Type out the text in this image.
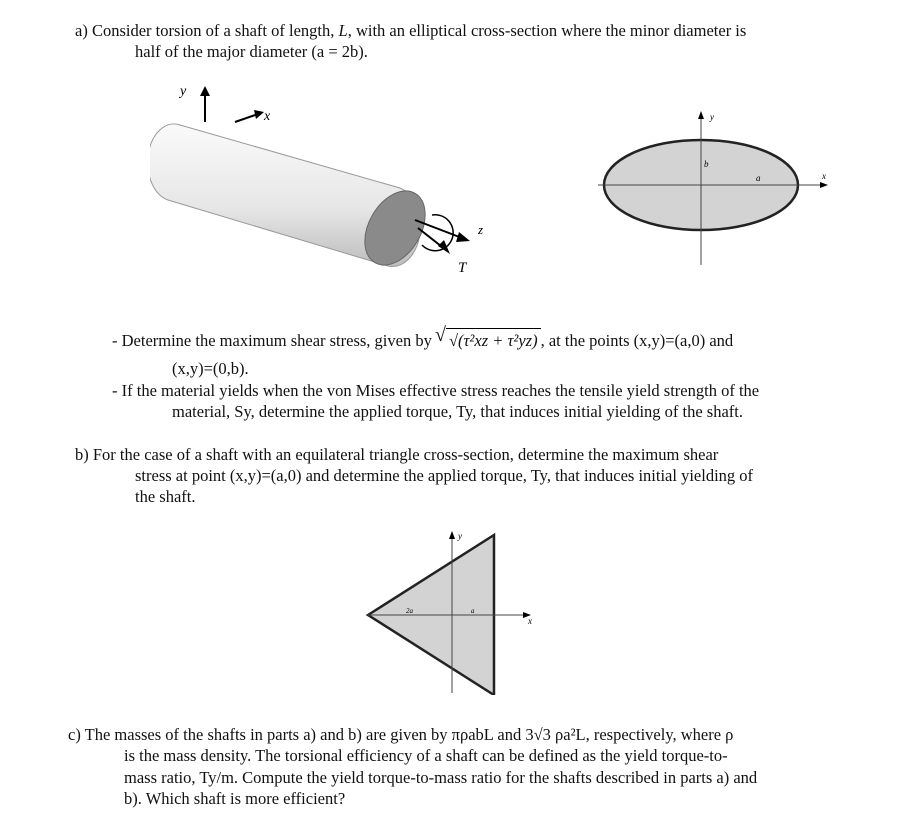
a) Consider torsion of a shaft of length, L, with an elliptical cross-section where the minor diameter is
half of the major diameter (a = 2b).
y
x
z
T
y
x
b
a
- Determine the maximum shear stress, given by √ √(τ²xz + τ²yz) , at the points (x,y)=(a,0) and
(x,y)=(0,b).
- If the material yields when the von Mises effective stress reaches the tensile yield strength of the
material, Sy, determine the applied torque, Ty, that induces initial yielding of the shaft.
b) For the case of a shaft with an equilateral triangle cross-section, determine the maximum shear
stress at point (x,y)=(a,0) and determine the applied torque, Ty, that induces initial yielding of
the shaft.
y
x
2a	a
c) The masses of the shafts in parts a) and b) are given by πρabL and 3√3 ρa²L, respectively, where ρ
is the mass density. The torsional efficiency of a shaft can be defined as the yield torque-to-
mass ratio, Ty/m. Compute the yield torque-to-mass ratio for the shafts described in parts a) and
b). Which shaft is more efficient?
